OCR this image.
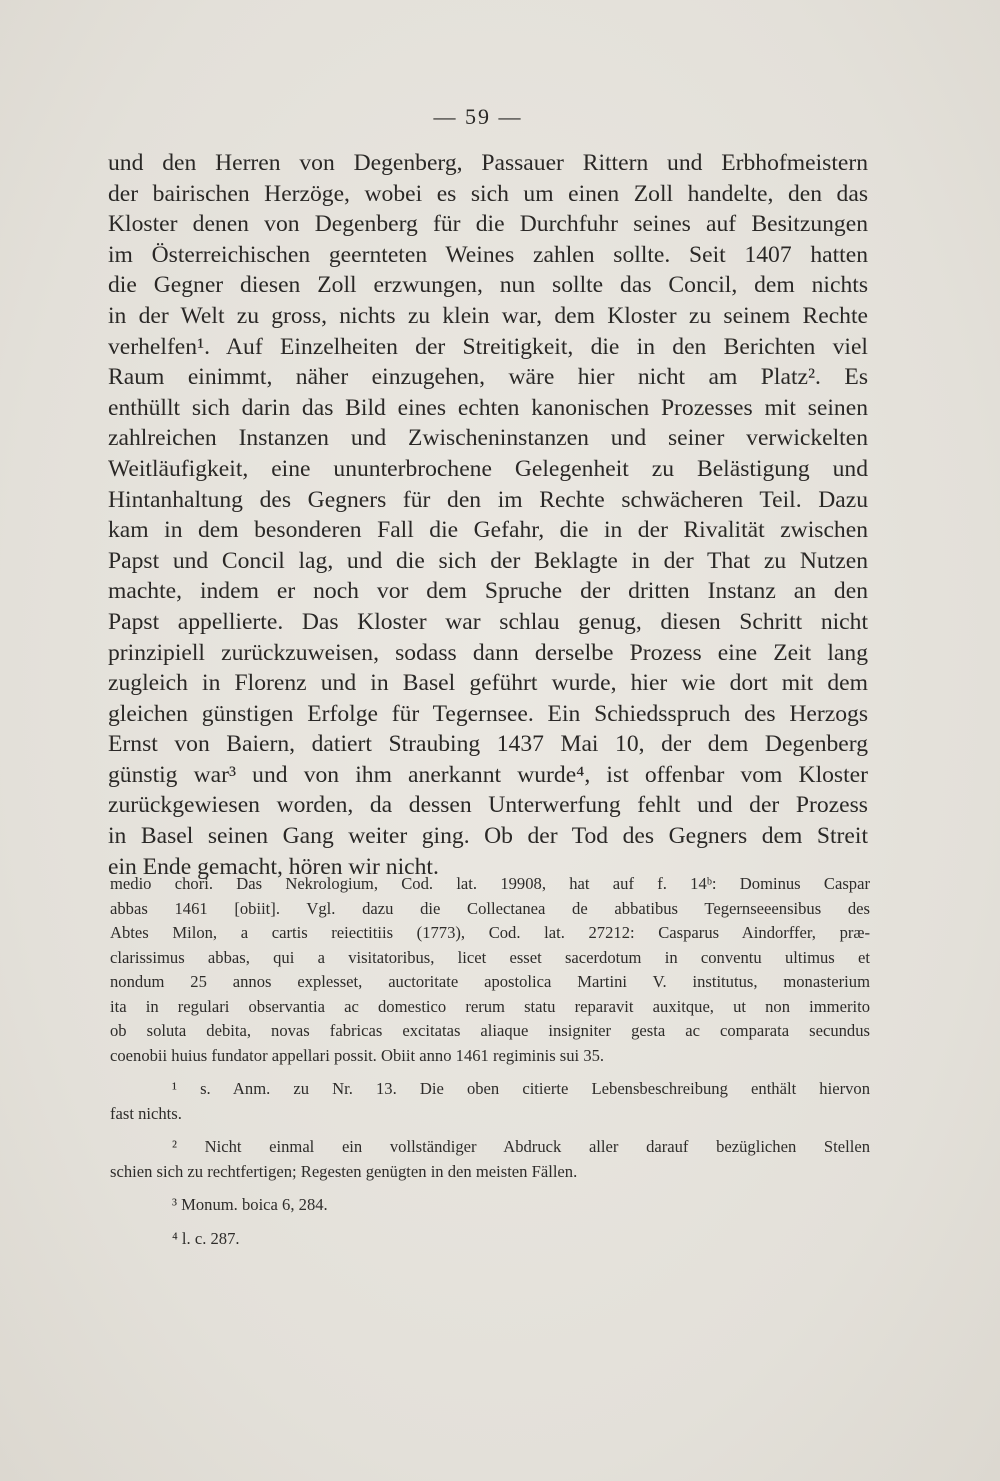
— 59 —
und den Herren von Degenberg, Passauer Rittern und Erbhofmeistern
der bairischen Herzöge, wobei es sich um einen Zoll handelte, den das
Kloster denen von Degenberg für die Durchfuhr seines auf Besitzungen
im Österreichischen geernteten Weines zahlen sollte. Seit 1407 hatten
die Gegner diesen Zoll erzwungen, nun sollte das Concil, dem nichts
in der Welt zu gross, nichts zu klein war, dem Kloster zu seinem Rechte
verhelfen¹. Auf Einzelheiten der Streitigkeit, die in den Berichten viel
Raum einimmt, näher einzugehen, wäre hier nicht am Platz². Es
enthüllt sich darin das Bild eines echten kanonischen Prozesses mit seinen
zahlreichen Instanzen und Zwischeninstanzen und seiner verwickelten
Weitläufigkeit, eine ununterbrochene Gelegenheit zu Belästigung und
Hintanhaltung des Gegners für den im Rechte schwächeren Teil. Dazu
kam in dem besonderen Fall die Gefahr, die in der Rivalität zwischen
Papst und Concil lag, und die sich der Beklagte in der That zu Nutzen
machte, indem er noch vor dem Spruche der dritten Instanz an den
Papst appellierte. Das Kloster war schlau genug, diesen Schritt nicht
prinzipiell zurückzuweisen, sodass dann derselbe Prozess eine Zeit lang
zugleich in Florenz und in Basel geführt wurde, hier wie dort mit dem
gleichen günstigen Erfolge für Tegernsee. Ein Schiedsspruch des Herzogs
Ernst von Baiern, datiert Straubing 1437 Mai 10, der dem Degenberg
günstig war³ und von ihm anerkannt wurde⁴, ist offenbar vom Kloster
zurückgewiesen worden, da dessen Unterwerfung fehlt und der Prozess
in Basel seinen Gang weiter ging. Ob der Tod des Gegners dem Streit
ein Ende gemacht, hören wir nicht.
medio chori. Das Nekrologium, Cod. lat. 19908, hat auf f. 14ᵇ: Dominus Caspar
abbas 1461 [obiit]. Vgl. dazu die Collectanea de abbatibus Tegernseeensibus des
Abtes Milon, a cartis reiectitiis (1773), Cod. lat. 27212: Casparus Aindorffer, præ-
clarissimus abbas, qui a visitatoribus, licet esset sacerdotum in conventu ultimus et
nondum 25 annos explesset, auctoritate apostolica Martini V. institutus, monasterium
ita in regulari observantia ac domestico rerum statu reparavit auxitque, ut non immerito
ob soluta debita, novas fabricas excitatas aliaque insigniter gesta ac comparata secundus
coenobii huius fundator appellari possit. Obiit anno 1461 regiminis sui 35.
¹ s. Anm. zu Nr. 13. Die oben citierte Lebensbeschreibung enthält hiervon
fast nichts.
² Nicht einmal ein vollständiger Abdruck aller darauf bezüglichen Stellen
schien sich zu rechtfertigen; Regesten genügten in den meisten Fällen.
³ Monum. boica 6, 284.
⁴ l. c. 287.
